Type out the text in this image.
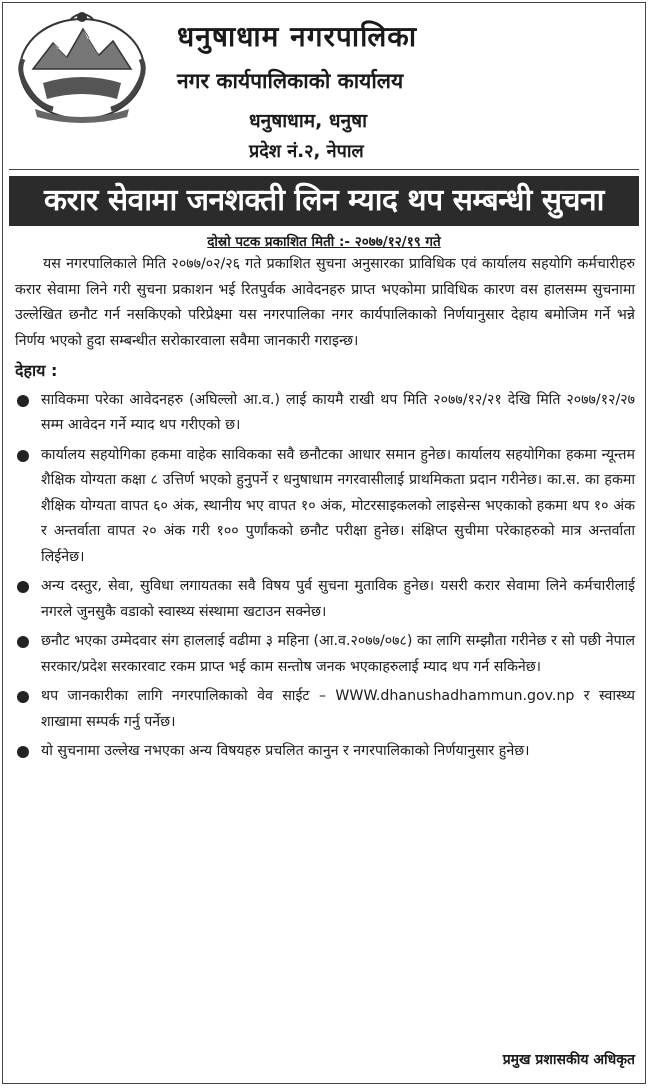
धनुषाधाम नगरपालिका
नगर कार्यपालिकाको कार्यालय
धनुषाधाम, धनुषा
प्रदेश नं.२, नेपाल
करार सेवामा जनशक्ती लिन म्याद थप सम्बन्धी सुचना
दोस्रो पटक प्रकाशित मिती :- २०७७/१२/१९ गते

यस नगरपालिकाले मिति २०७७/०२/२६ गते प्रकाशित सुचना अनुसारका प्राविधिक एवं कार्यालय सहयोगि कर्मचारीहरु करार सेवामा लिने गरी सुचना प्रकाशन भई रितपुर्वक आवेदनहरु प्राप्त भएकोमा प्राविधिक कारण वस हालसम्म सुचनामा उल्लेखित छनौट गर्न नसकिएको परिप्रेक्ष्मा यस नगरपालिका नगर कार्यपालिकाको निर्णयानुसार देहाय बमोजिम गर्ने भन्ने निर्णय भएको हुदा सम्बन्धीत सरोकारवाला सवैमा जानकारी गराइन्छ।

देहाय :
साविकमा परेका आवेदनहरु (अघिल्लो आ.व.) लाई कायमै राखी थप मिति २०७७/१२/२१ देखि मिति २०७७/१२/२७ सम्म आवेदन गर्ने म्याद थप गरीएको छ।
कार्यालय सहयोगिका हकमा वाहेक साविकका सवै छनौटका आधार समान हुनेछ। कार्यालय सहयोगिका हकमा न्यून्तम शैक्षिक योग्यता कक्षा ८ उत्तिर्ण भएको हुनुपर्ने र धनुषाधाम नगरवासीलाई प्राथमिकता प्रदान गरीनेछ। का.स. का हकमा शैक्षिक योग्यता वापत ६० अंक, स्थानीय भए वापत १० अंक, मोटरसाइकलको लाइसेन्स भएकाको हकमा थप १० अंक र अन्तर्वाता वापत २० अंक गरी १०० पुर्णांकको छनौट परीक्षा हुनेछ। संक्षिप्त सुचीमा परेकाहरुको मात्र अन्तर्वाता लिईनेछ।
अन्य दस्तुर, सेवा, सुविधा लगायतका सवै विषय पुर्व सुचना मुताविक हुनेछ। यसरी करार सेवामा लिने कर्मचारीलाई नगरले जुनसुकै वडाको स्वास्थ्य संस्थामा खटाउन सक्नेछ।
छनौट भएका उम्मेदवार संग हाललाई वढीमा ३ महिना (आ.व.२०७७/०७८) का लागि सम्झौता गरीनेछ र सो पछी नेपाल सरकार/प्रदेश सरकारवाट रकम प्राप्त भई काम सन्तोष जनक भएकाहरुलाई म्याद थप गर्न सकिनेछ।
थप जानकारीका लागि नगरपालिकाको वेव साईट – WWW.dhanushadhammun.gov.np र स्वास्थ्य शाखामा सम्पर्क गर्नु पर्नेछ।
यो सुचनामा उल्लेख नभएका अन्य विषयहरु प्रचलित कानुन र नगरपालिकाको निर्णयानुसार हुनेछ।
प्रमुख प्रशासकीय अधिकृत
